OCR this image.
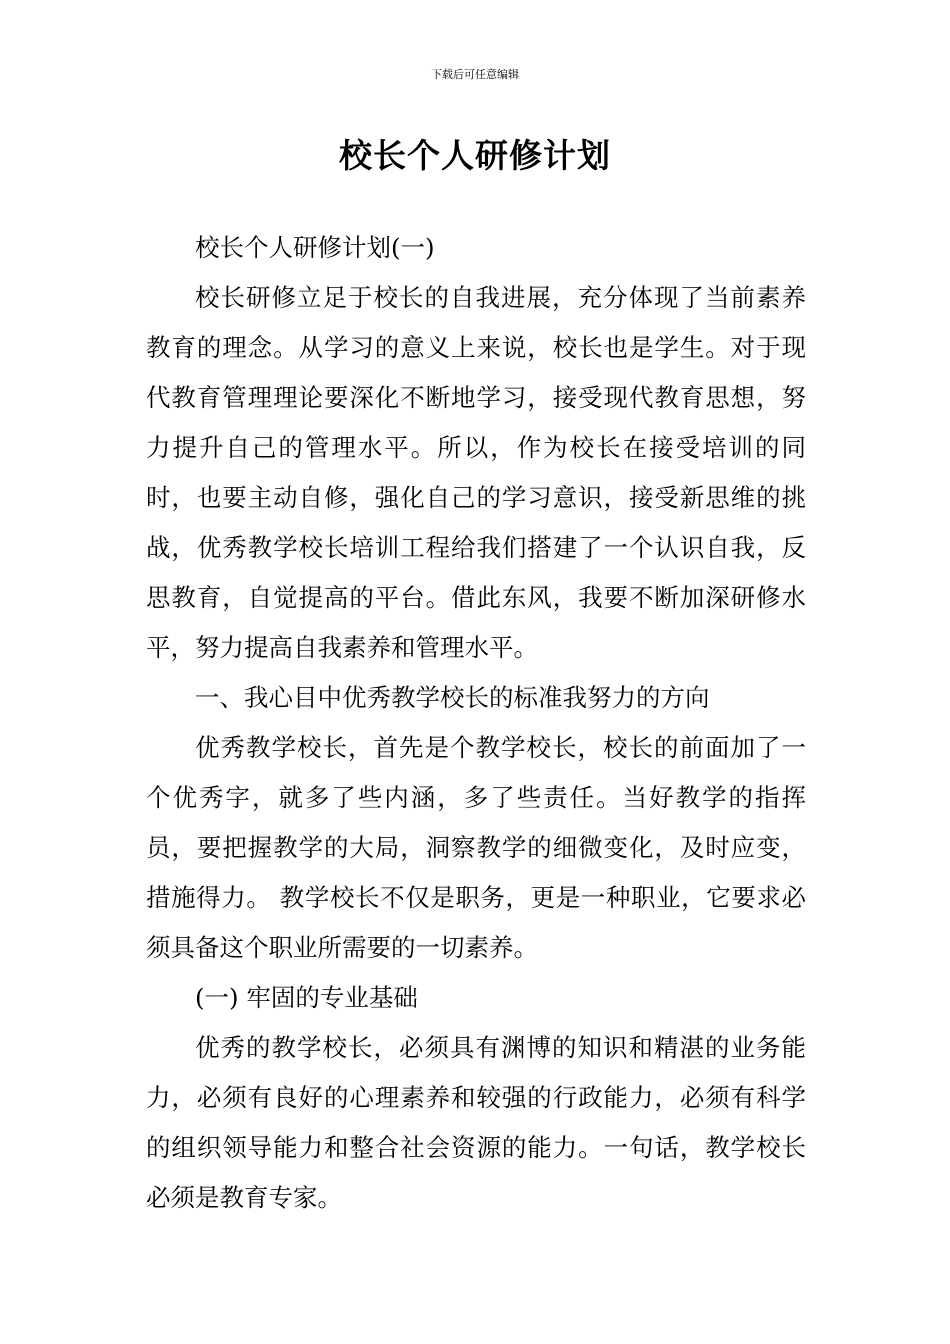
下载后可任意编辑
校长个人研修计划

校长个人研修计划(一)

校长研修立足于校长的自我进展，充分体现了当前素养教育的理念。从学习的意义上来说，校长也是学生。对于现代教育管理理论要深化不断地学习，接受现代教育思想，努力提升自己的管理水平。所以，作为校长在接受培训的同时，也要主动自修，强化自己的学习意识，接受新思维的挑战，优秀教学校长培训工程给我们搭建了一个认识自我，反思教育，自觉提高的平台。借此东风，我要不断加深研修水平，努力提高自我素养和管理水平。

一、我心目中优秀教学校长的标准我努力的方向

优秀教学校长，首先是个教学校长，校长的前面加了一个优秀字，就多了些内涵，多了些责任。当好教学的指挥员，要把握教学的大局，洞察教学的细微变化，及时应变，措施得力。 教学校长不仅是职务，更是一种职业，它要求必须具备这个职业所需要的一切素养。

(一) 牢固的专业基础

优秀的教学校长，必须具有渊博的知识和精湛的业务能力，必须有良好的心理素养和较强的行政能力，必须有科学的组织领导能力和整合社会资源的能力。一句话，教学校长必须是教育专家。
